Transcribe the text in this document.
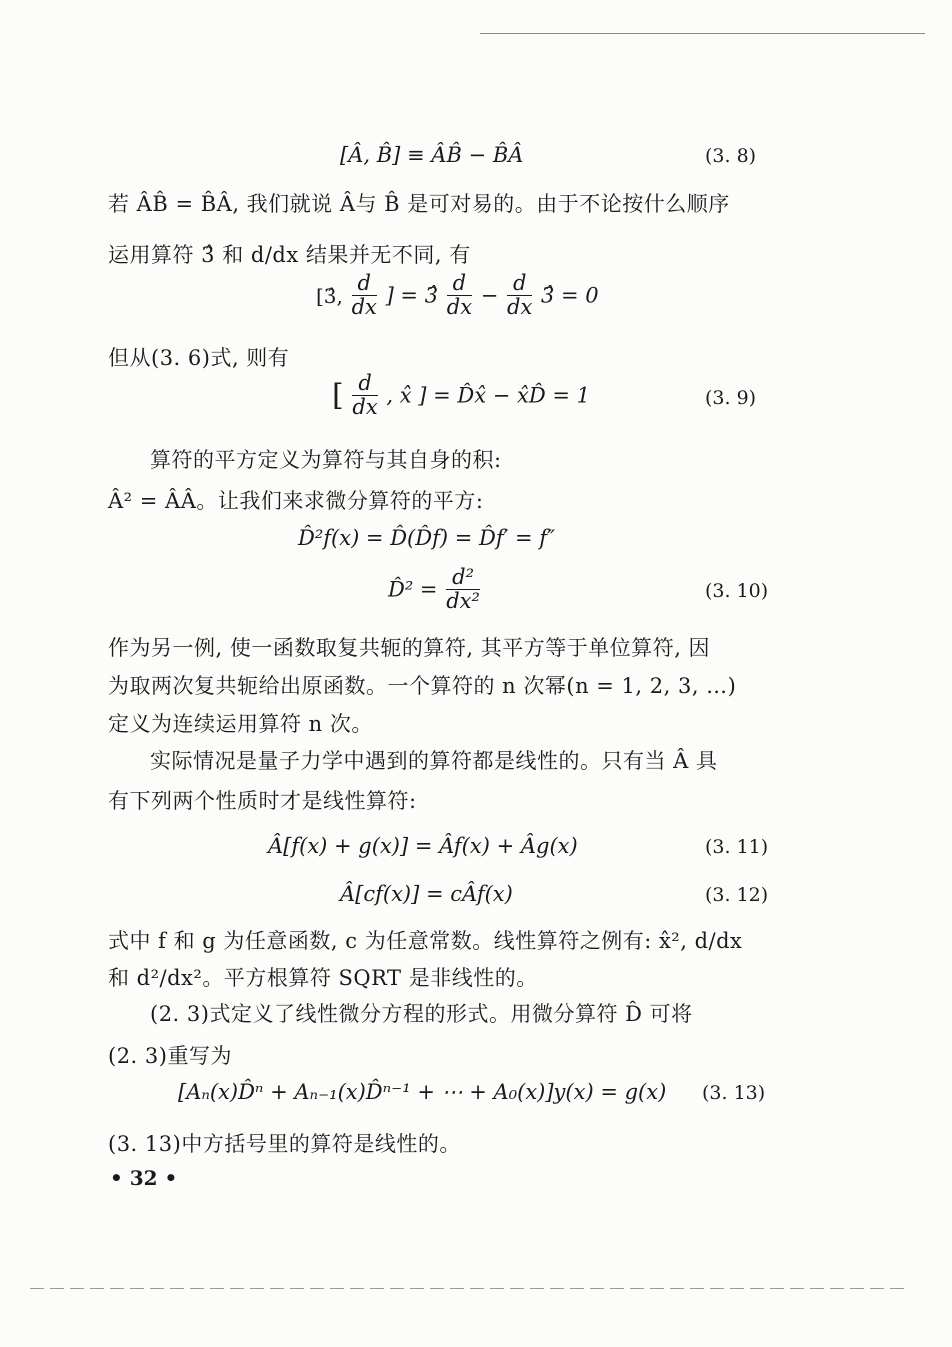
[Â, B̂] ≡ ÂB̂ − B̂Â	(3. 8)
若 ÂB̂ = B̂Â, 我们就说 Â与 B̂ 是可对易的。由于不论按什么顺序
运用算符 3̂ 和 d/dx 结果并无不同, 有
[3̂, $\frac{d}{dx}$ ] = 3̂ $\frac{d}{dx} - \frac{d}{dx}$ 3̂ = 0
但从(3. 6)式, 则有
[ $\frac{d}{dx}$ , x̂ ] = D̂x̂ − x̂D̂ = 1	(3. 9)
算符的平方定义为算符与其自身的积:
Â² = ÂÂ。让我们来求微分算符的平方:
D̂²f(x) = D̂(D̂f) = D̂f′ = f″
D̂² = $\frac{\text{d²}}{\text{dx²}}$	(3. 10)
作为另一例, 使一函数取复共轭的算符, 其平方等于单位算符, 因
为取两次复共轭给出原函数。一个算符的 n 次幂(n = 1, 2, 3, …)
定义为连续运用算符 n 次。
实际情况是量子力学中遇到的算符都是线性的。只有当 Â 具
有下列两个性质时才是线性算符:
Â[f(x) + g(x)] = Âf(x) + Âg(x)	(3. 11)
Â[cf(x)] = cÂf(x)	(3. 12)
式中 f 和 g 为任意函数, c 为任意常数。线性算符之例有: x̂², d/dx
和 d²/dx²。平方根算符 SQRT 是非线性的。
(2. 3)式定义了线性微分方程的形式。用微分算符 D̂ 可将
(2. 3)重写为
[Aₙ(x)D̂ⁿ + Aₙ₋₁(x)D̂ⁿ⁻¹ + ⋯ + A₀(x)]y(x) = g(x) (3. 13)
(3. 13)中方括号里的算符是线性的。
• 32 •
